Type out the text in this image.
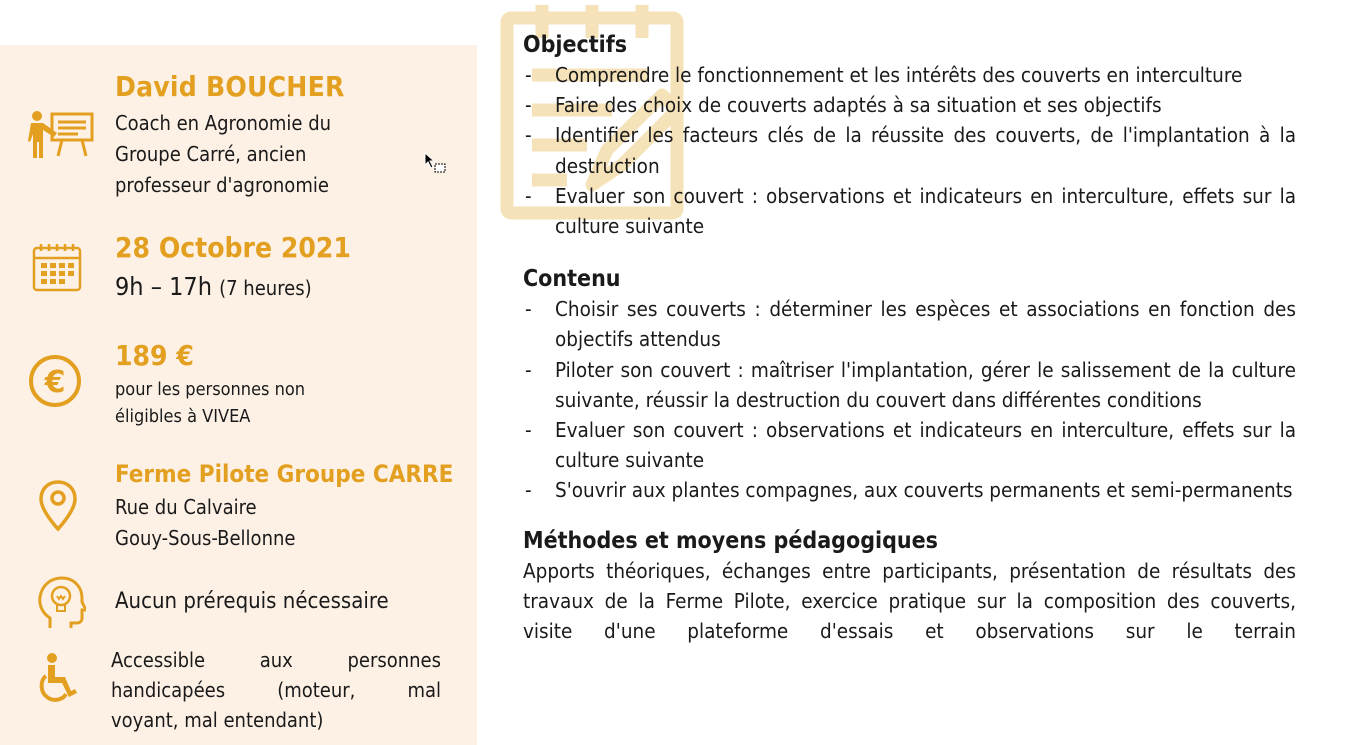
David BOUCHER
Coach en Agronomie du Groupe Carré, ancien professeur d'agronomie
28 Octobre 2021
9h – 17h (7 heures)
€
189 €
pour les personnes non éligibles à VIVEA
Ferme Pilote Groupe CARRE
Rue du Calvaire
Gouy-Sous-Bellonne
Aucun prérequis nécessaire
Accessible aux personnes
handicapées (moteur, mal
voyant, mal entendant)
Objectifs
- Comprendre le fonctionnement et les intérêts des couverts en interculture
- Faire des choix de couverts adaptés à sa situation et ses objectifs
- Identifier les facteurs clés de la réussite des couverts, de l'implantation à la destruction
- Evaluer son couvert : observations et indicateurs en interculture, effets sur la culture suivante
Contenu
- Choisir ses couverts : déterminer les espèces et associations en fonction des objectifs attendus
- Piloter son couvert : maîtriser l'implantation, gérer le salissement de la culture suivante, réussir la destruction du couvert dans différentes conditions
- Evaluer son couvert : observations et indicateurs en interculture, effets sur la culture suivante
- S'ouvrir aux plantes compagnes, aux couverts permanents et semi-permanents
Méthodes et moyens pédagogiques
Apports théoriques, échanges entre participants, présentation de résultats des travaux de la Ferme Pilote, exercice pratique sur la composition des couverts, visite d'une plateforme d'essais et observations sur le terrain
